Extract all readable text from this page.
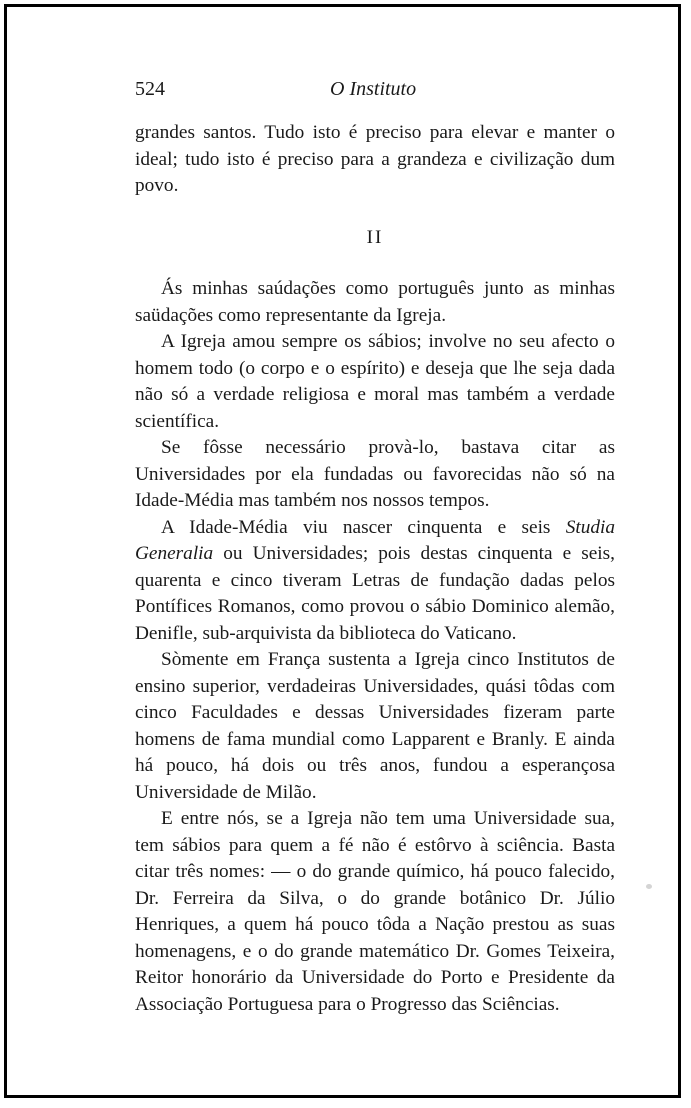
524	O Instituto

grandes santos. Tudo isto é preciso para elevar e manter o ideal; tudo isto é preciso para a grandeza e civilização dum povo.

II

Ás minhas saúdações como português junto as minhas saüdações como representante da Igreja.

A Igreja amou sempre os sábios; involve no seu afecto o homem todo (o corpo e o espírito) e deseja que lhe seja dada não só a verdade religiosa e moral mas também a verdade scientífica.

Se fôsse necessário provà-lo, bastava citar as Universidades por ela fundadas ou favorecidas não só na Idade-Média mas também nos nossos tempos.

A Idade-Média viu nascer cinquenta e seis Studia Generalia ou Universidades; pois destas cinquenta e seis, quarenta e cinco tiveram Letras de fundação dadas pelos Pontífices Romanos, como provou o sábio Dominico alemão, Denifle, sub-arquivista da biblioteca do Vaticano.

Sòmente em França sustenta a Igreja cinco Institutos de ensino superior, verdadeiras Universidades, quási tôdas com cinco Faculdades e dessas Universidades fizeram parte homens de fama mundial como Lapparent e Branly. E ainda há pouco, há dois ou três anos, fundou a esperançosa Universidade de Milão.

E entre nós, se a Igreja não tem uma Universidade sua, tem sábios para quem a fé não é estôrvo à sciência. Basta citar três nomes: — o do grande químico, há pouco falecido, Dr. Ferreira da Silva, o do grande botânico Dr. Júlio Henriques, a quem há pouco tôda a Nação prestou as suas homenagens, e o do grande matemático Dr. Gomes Teixeira, Reitor honorário da Universidade do Porto e Presidente da Associação Portuguesa para o Progresso das Sciências.
